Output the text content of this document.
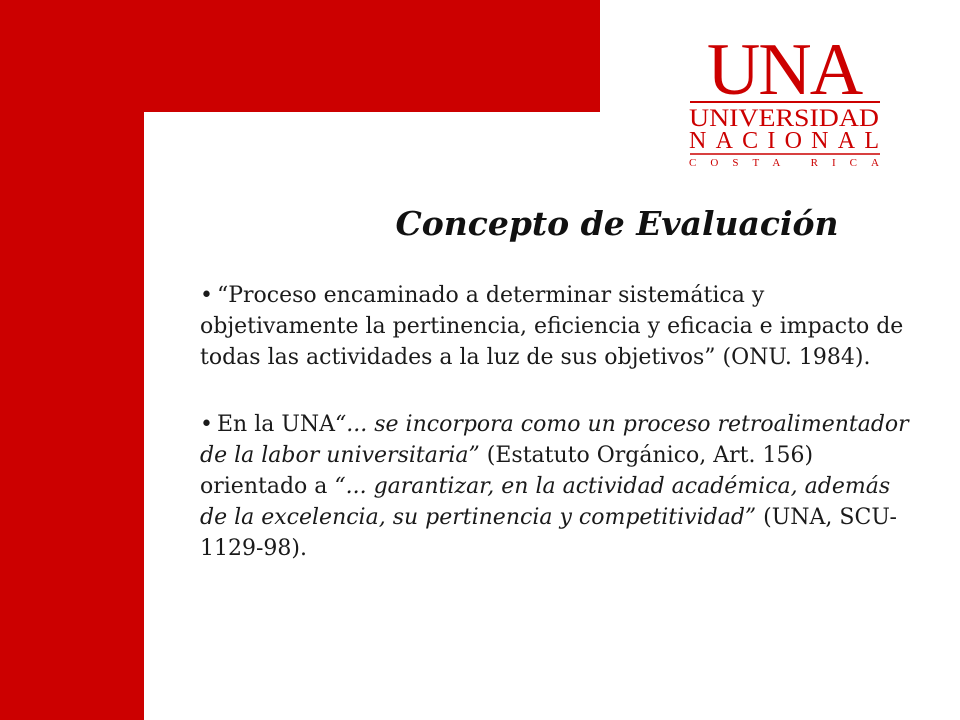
UNA
UNIVERSIDAD
NACIONAL
COSTA RICA
Concepto de Evaluación
• “Proceso encaminado a determinar sistemática y objetivamente la pertinencia, eficiencia y eficacia e impacto de todas las actividades a la luz de sus objetivos” (ONU. 1984).
• En la UNA“... se incorpora como un proceso retroalimentador de la labor universitaria” (Estatuto Orgánico, Art. 156) orientado a “... garantizar, en la actividad académica, además de la excelencia, su pertinencia y competitividad” (UNA, SCU-1129-98).
